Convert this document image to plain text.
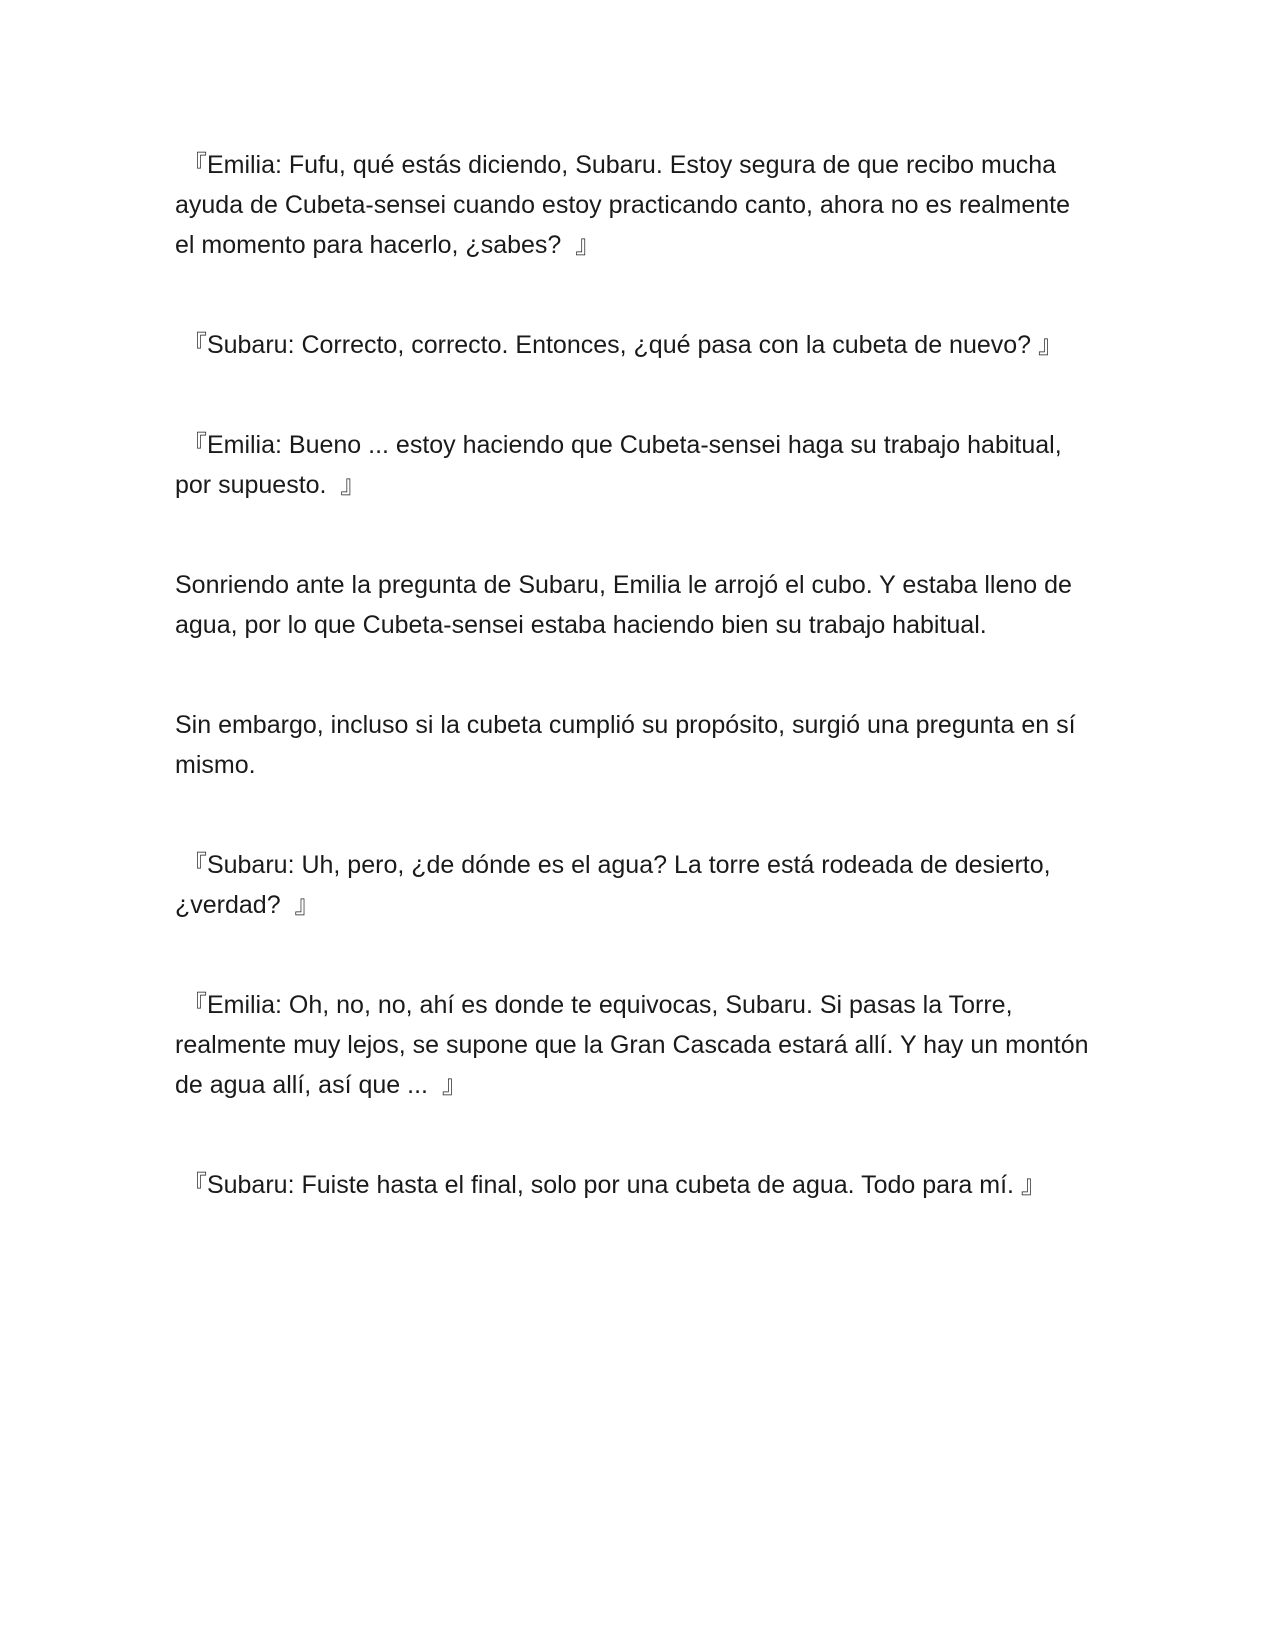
『Emilia: Fufu, qué estás diciendo, Subaru. Estoy segura de que recibo mucha ayuda de Cubeta-sensei cuando estoy practicando canto, ahora no es realmente el momento para hacerlo, ¿sabes?  』

『Subaru: Correcto, correcto. Entonces, ¿qué pasa con la cubeta de nuevo? 』

『Emilia: Bueno ... estoy haciendo que Cubeta-sensei haga su trabajo habitual, por supuesto.  』

Sonriendo ante la pregunta de Subaru, Emilia le arrojó el cubo. Y estaba lleno de agua, por lo que Cubeta-sensei estaba haciendo bien su trabajo habitual.

Sin embargo, incluso si la cubeta cumplió su propósito, surgió una pregunta en sí mismo.

『Subaru: Uh, pero, ¿de dónde es el agua? La torre está rodeada de desierto, ¿verdad?  』

『Emilia: Oh, no, no, ahí es donde te equivocas, Subaru. Si pasas la Torre, realmente muy lejos, se supone que la Gran Cascada estará allí. Y hay un montón de agua allí, así que ...  』

『Subaru: Fuiste hasta el final, solo por una cubeta de agua. Todo para mí. 』
